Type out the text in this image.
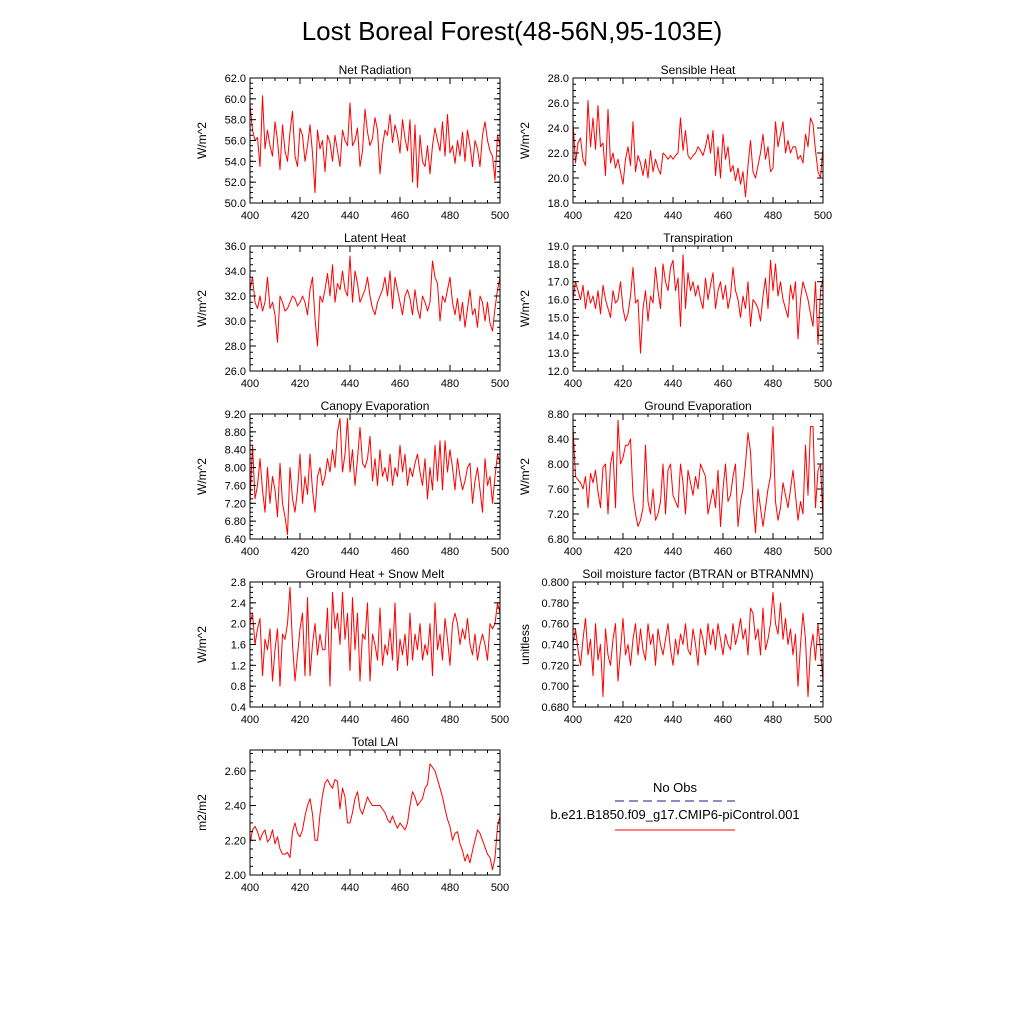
Lost Boreal Forest(48-56N,95-103E)
400	420	440	460	480	500
50.0
52.0
54.0
56.0
58.0
60.0
62.0
Net Radiation
W/m^2
400	420	440	460	480	500
18.0
20.0
22.0
24.0
26.0
28.0
Sensible Heat
W/m^2
400	420	440	460	480	500
26.0
28.0
30.0
32.0
34.0
36.0
Latent Heat
W/m^2
400	420	440	460	480	500
12.0
13.0
14.0
15.0
16.0
17.0
18.0
19.0
Transpiration
W/m^2
400	420	440	460	480	500
6.40
6.80
7.20
7.60
8.00
8.40
8.80
9.20
Canopy Evaporation
W/m^2
400	420	440	460	480	500
6.80
7.20
7.60
8.00
8.40
8.80
Ground Evaporation
W/m^2
400	420	440	460	480	500
0.4
0.8
1.2
1.6
2.0
2.4
2.8
Ground Heat + Snow Melt
W/m^2
400	420	440	460	480	500
0.680
0.700
0.720
0.740
0.760
0.780
0.800
Soil moisture factor (BTRAN or BTRANMN)
unitless
400	420	440	460	480	500
2.00
2.20
2.40
2.60
Total LAI
m2/m2
No Obs
b.e21.B1850.f09_g17.CMIP6-piControl.001
